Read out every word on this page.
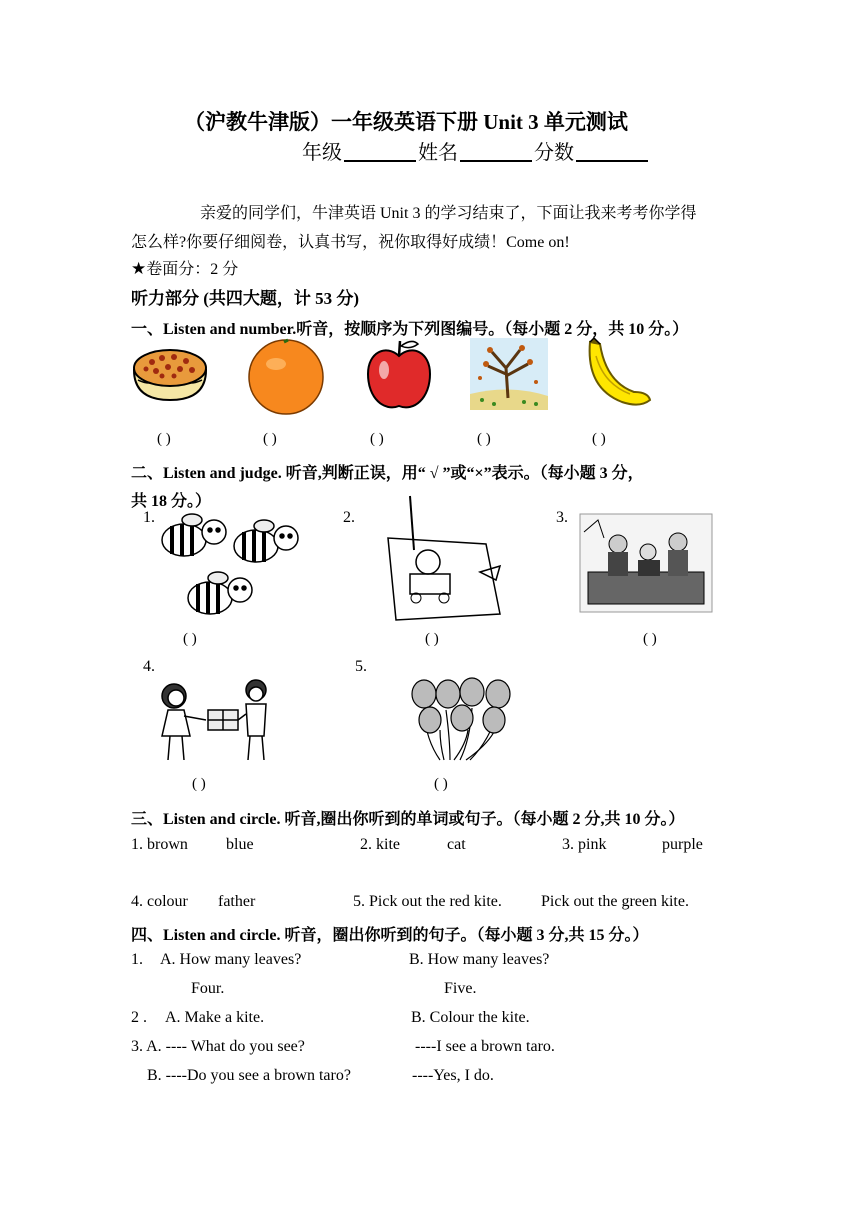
（沪教牛津版）一年级英语下册 Unit 3 单元测试
年级	姓名	分数
亲爱的同学们，牛津英语 Unit 3 的学习结束了，下面让我来考考你学得
怎么样?你要仔细阅卷，认真书写，祝你取得好成绩！Come on!
★卷面分：2 分
听力部分 (共四大题，计 53 分)
一、Listen and number.听音，按顺序为下列图编号。（每小题 2 分，共 10 分。）
( )	( )	( )	( )	( )
二、Listen and judge. 听音,判断正误，用“ √ ”或“×”表示。（每小题 3 分，
共 18 分。）
1.	2.	3.
( )	( )	( )
4.	5.
( )	( )
三、Listen and circle. 听音,圈出你听到的单词或句子。（每小题 2 分,共 10 分。）
1. brown blue	2. kite	cat	3. pink	purple
4. colour father	5. Pick out the red kite. Pick out the green kite.
四、Listen and circle. 听音，圈出你听到的句子。（每小题 3 分,共 15 分。）
1. A. How many leaves?	B. How many leaves?
Four.	Five.
2 . A. Make a kite.	B. Colour the kite.
3. A. ---- What do you see?	----I see a brown taro.
B. ----Do you see a brown taro?	----Yes, I do.
